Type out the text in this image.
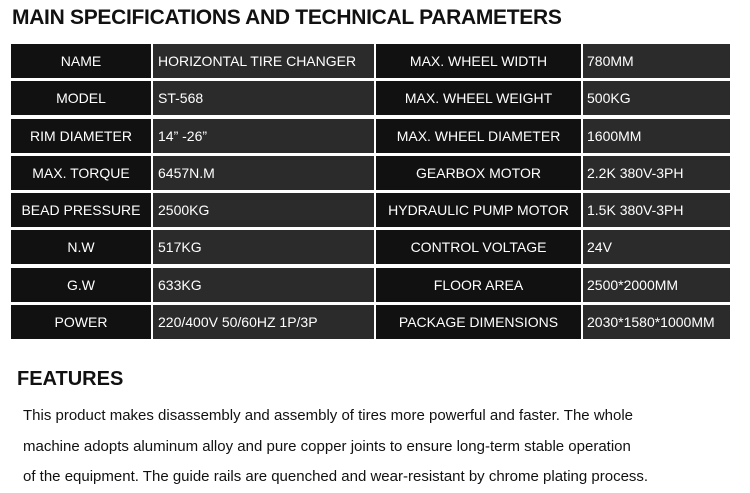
MAIN SPECIFICATIONS AND TECHNICAL PARAMETERS
NAME	HORIZONTAL TIRE CHANGER	MAX. WHEEL WIDTH	780MM
MODEL	ST-568	MAX. WHEEL WEIGHT	500KG
RIM DIAMETER	14” -26”	MAX. WHEEL DIAMETER	1600MM
MAX. TORQUE	6457N.M	GEARBOX MOTOR	2.2K 380V-3PH
BEAD PRESSURE	2500KG	HYDRAULIC PUMP MOTOR	1.5K 380V-3PH
N.W	517KG	CONTROL VOLTAGE	24V
G.W	633KG	FLOOR AREA	2500*2000MM
POWER	220/400V 50/60HZ 1P/3P	PACKAGE DIMENSIONS	2030*1580*1000MM
FEATURES
This product makes disassembly and assembly of tires more powerful and faster. The whole
machine adopts aluminum alloy and pure copper joints to ensure long-term stable operation
of the equipment. The guide rails are quenched and wear-resistant by chrome plating process.
